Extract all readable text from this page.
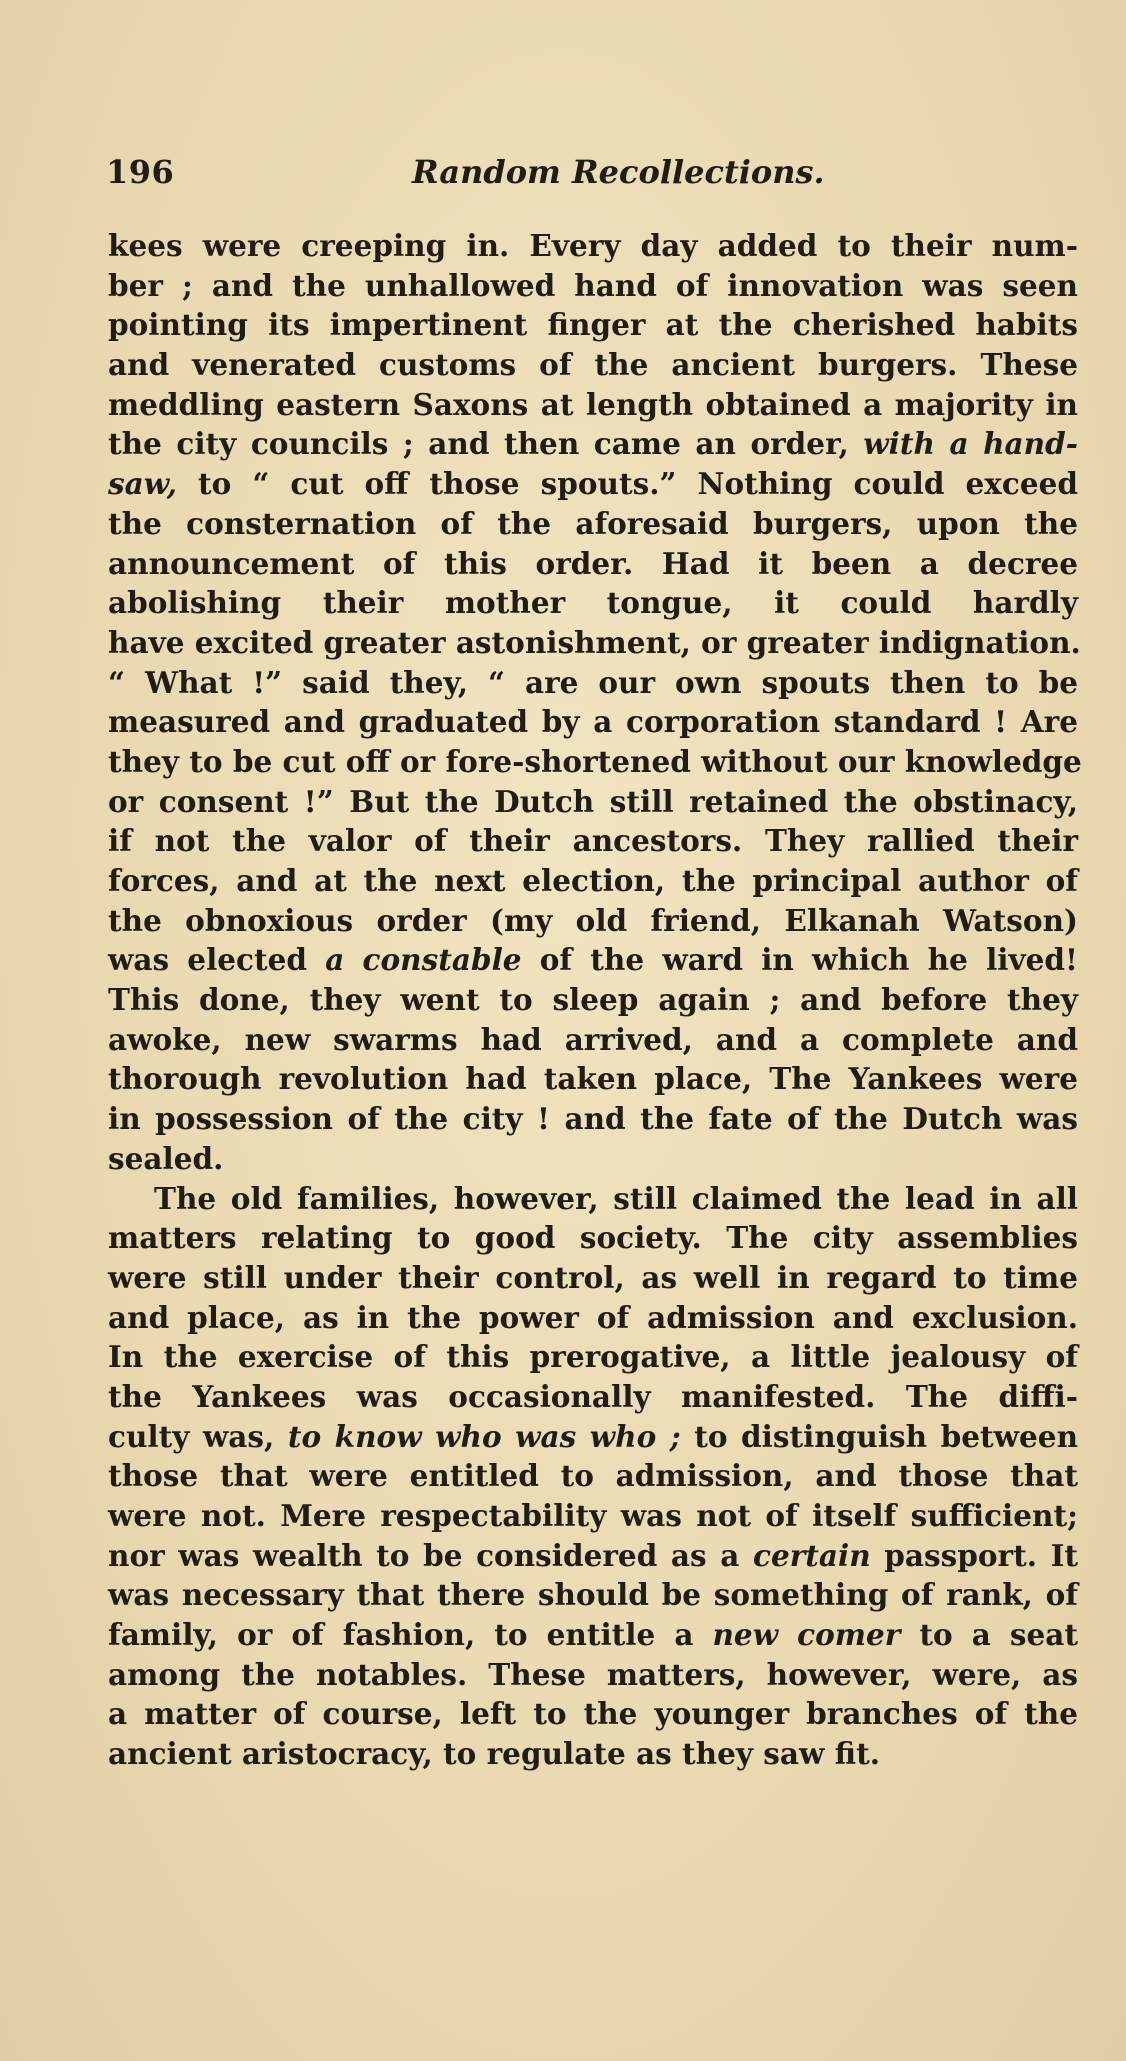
196	Random Recollections.
kees were creeping in. Every day added to their num-
ber ; and the unhallowed hand of innovation was seen
pointing its impertinent finger at the cherished habits
and venerated customs of the ancient burgers. These
meddling eastern Saxons at length obtained a majority in
the city councils ; and then came an order, with a hand-
saw, to “ cut off those spouts.” Nothing could exceed
the consternation of the aforesaid burgers, upon the
announcement of this order. Had it been a decree
abolishing their mother tongue, it could hardly
have excited greater astonishment, or greater indignation.
“ What !” said they, “ are our own spouts then to be
measured and graduated by a corporation standard ! Are
they to be cut off or fore-shortened without our knowledge
or consent !” But the Dutch still retained the obstinacy,
if not the valor of their ancestors. They rallied their
forces, and at the next election, the principal author of
the obnoxious order (my old friend, Elkanah Watson)
was elected a constable of the ward in which he lived!
This done, they went to sleep again ; and before they
awoke, new swarms had arrived, and a complete and
thorough revolution had taken place, The Yankees were
in possession of the city ! and the fate of the Dutch was
sealed.
The old families, however, still claimed the lead in all
matters relating to good society. The city assemblies
were still under their control, as well in regard to time
and place, as in the power of admission and exclusion.
In the exercise of this prerogative, a little jealousy of
the Yankees was occasionally manifested. The diffi-
culty was, to know who was who ; to distinguish between
those that were entitled to admission, and those that
were not. Mere respectability was not of itself sufficient;
nor was wealth to be considered as a certain passport. It
was necessary that there should be something of rank, of
family, or of fashion, to entitle a new comer to a seat
among the notables. These matters, however, were, as
a matter of course, left to the younger branches of the
ancient aristocracy, to regulate as they saw fit.
